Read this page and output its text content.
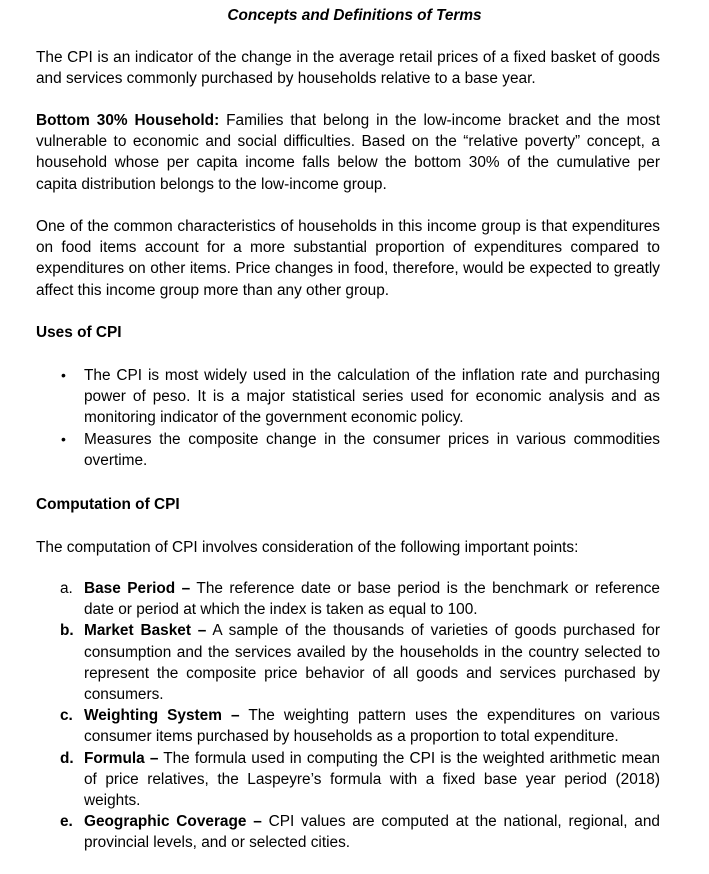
Concepts and Definitions of Terms

The CPI is an indicator of the change in the average retail prices of a fixed basket of goods and services commonly purchased by households relative to a base year.

Bottom 30% Household: Families that belong in the low-income bracket and the most vulnerable to economic and social difficulties. Based on the “relative poverty” concept, a household whose per capita income falls below the bottom 30% of the cumulative per capita distribution belongs to the low-income group.

One of the common characteristics of households in this income group is that expenditures on food items account for a more substantial proportion of expenditures compared to expenditures on other items. Price changes in food, therefore, would be expected to greatly affect this income group more than any other group.

Uses of CPI
• The CPI is most widely used in the calculation of the inflation rate and purchasing power of peso. It is a major statistical series used for economic analysis and as monitoring indicator of the government economic policy.
• Measures the composite change in the consumer prices in various commodities overtime.
Computation of CPI

The computation of CPI involves consideration of the following important points:

a. Base Period – The reference date or base period is the benchmark or reference date or period at which the index is taken as equal to 100.
b. Market Basket – A sample of the thousands of varieties of goods purchased for consumption and the services availed by the households in the country selected to represent the composite price behavior of all goods and services purchased by consumers.
c. Weighting System – The weighting pattern uses the expenditures on various consumer items purchased by households as a proportion to total expenditure.
d. Formula – The formula used in computing the CPI is the weighted arithmetic mean of price relatives, the Laspeyre’s formula with a fixed base year period (2018) weights.
e. Geographic Coverage – CPI values are computed at the national, regional, and provincial levels, and or selected cities.
